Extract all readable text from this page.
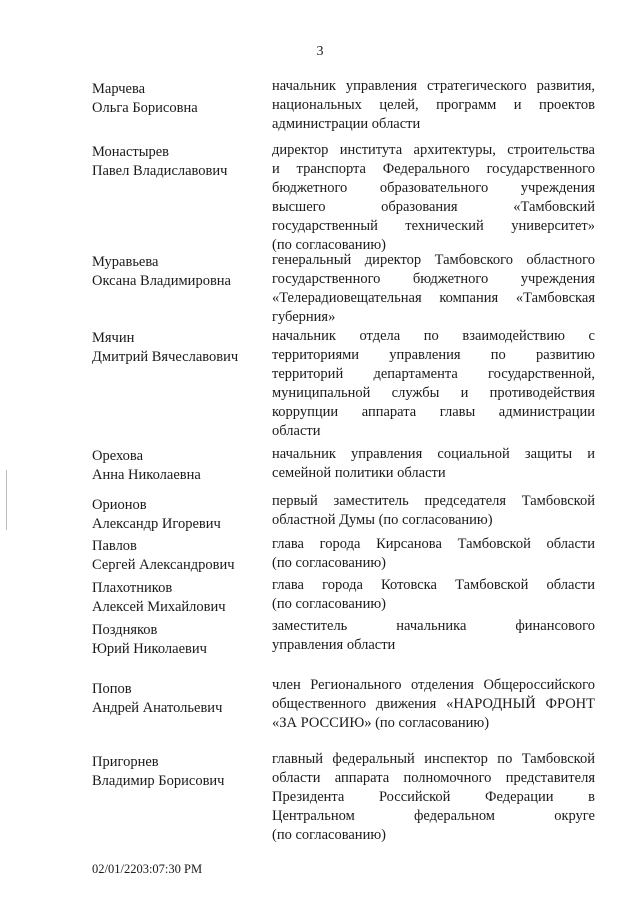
3
Марчева
Ольга Борисовна
начальник управления стратегического развития,
национальных целей, программ и проектов
администрации области
Монастырев
Павел Владиславович
директор института архитектуры, строительства
и транспорта Федерального государственного
бюджетного образовательного учреждения
высшего образования «Тамбовский
государственный технический университет»
(по согласованию)
Муравьева
Оксана Владимировна
генеральный директор Тамбовского областного
государственного бюджетного учреждения
«Телерадиовещательная компания «Тамбовская
губерния»
Мячин
Дмитрий Вячеславович
начальник отдела по взаимодействию с
территориями управления по развитию
территорий департамента государственной,
муниципальной службы и противодействия
коррупции аппарата главы администрации
области
Орехова
Анна Николаевна
начальник управления социальной защиты и
семейной политики области
Орионов
Александр Игоревич
первый заместитель председателя Тамбовской
областной Думы (по согласованию)
Павлов
Сергей Александрович
глава города Кирсанова Тамбовской области
(по согласованию)
Плахотников
Алексей Михайлович
глава города Котовска Тамбовской области
(по согласованию)
Поздняков
Юрий Николаевич
заместитель начальника финансового
управления области
Попов
Андрей Анатольевич
член Регионального отделения Общероссийского
общественного движения «НАРОДНЫЙ ФРОНТ
«ЗА РОССИЮ» (по согласованию)
Пригорнев
Владимир Борисович
главный федеральный инспектор по Тамбовской
области аппарата полномочного представителя
Президента Российской Федерации в
Центральном федеральном округе
(по согласованию)
02/01/2203:07:30 PM
